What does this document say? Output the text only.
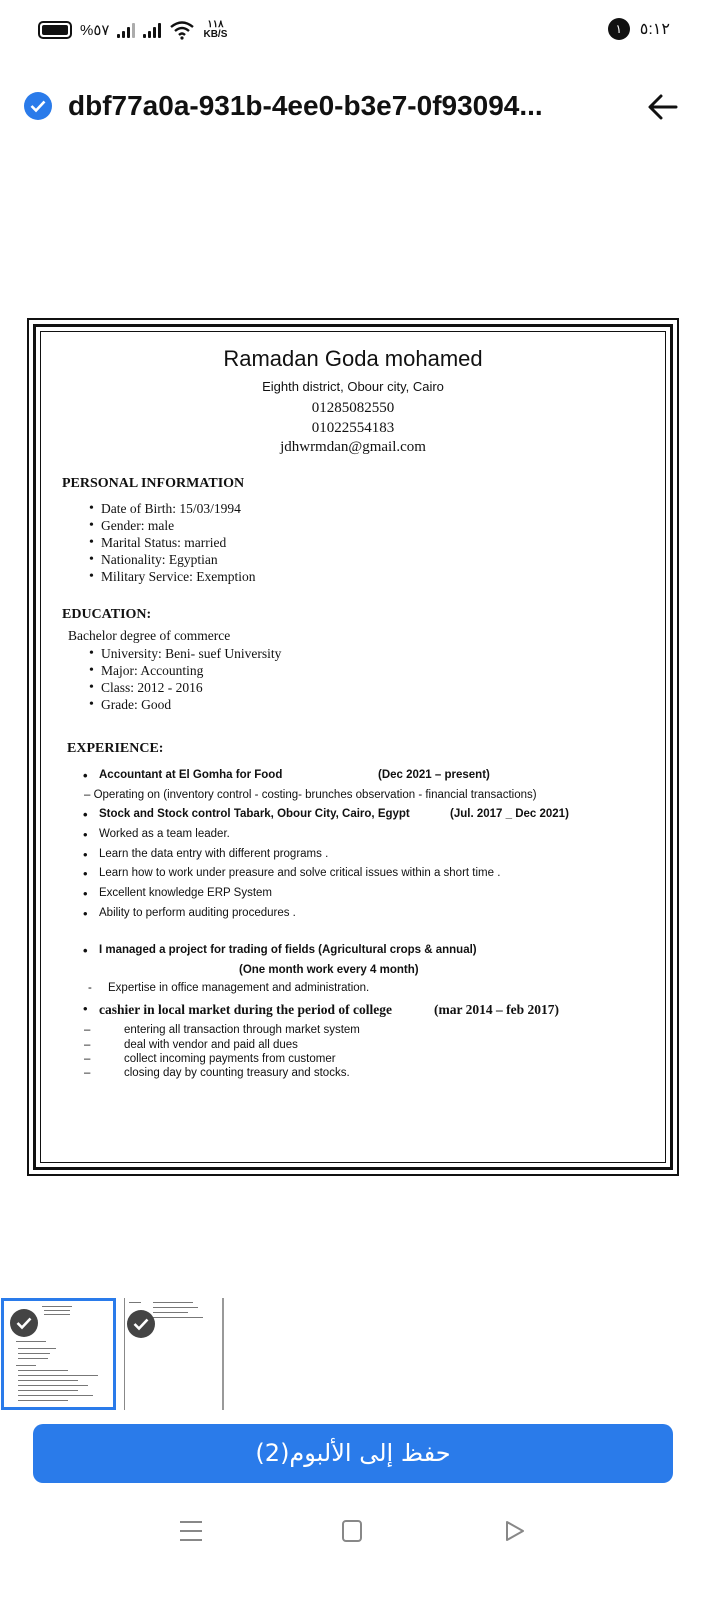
%٥٧	١١٨
KB/S	١	٥:١٢
dbf77a0a-931b-4ee0-b3e7-0f93094...
Ramadan Goda mohamed
Eighth district, Obour city, Cairo
01285082550
01022554183
jdhwrmdan@gmail.com
PERSONAL INFORMATION
• Date of Birth: 15/03/1994
• Gender: male
• Marital Status: married
• Nationality: Egyptian
• Military Service: Exemption
EDUCATION:
Bachelor degree of commerce
• University: Beni- suef University
• Major: Accounting
• Class: 2012 - 2016
• Grade: Good
EXPERIENCE:
• Accountant at El Gomha for Food	(Dec 2021 – present)
– Operating on (inventory control - costing- brunches observation - financial transactions)
• Stock and Stock control Tabark, Obour City, Cairo, Egypt	(Jul. 2017 _ Dec 2021)
• Worked as a team leader.
• Learn the data entry with different programs .
• Learn how to work under preasure and solve critical issues within a short time .
• Excellent knowledge ERP System
• Ability to perform auditing procedures .
• I managed a project for trading of fields (Agricultural crops & annual)
(One month work every 4 month)
- Expertise in office management and administration.
• cashier in local market during the period of college	(mar 2014 – feb 2017)
– entering all transaction through market system
– deal with vendor and paid all dues
– collect incoming payments from customer
– closing day by counting treasury and stocks.
حفظ إلى الألبوم(2)
